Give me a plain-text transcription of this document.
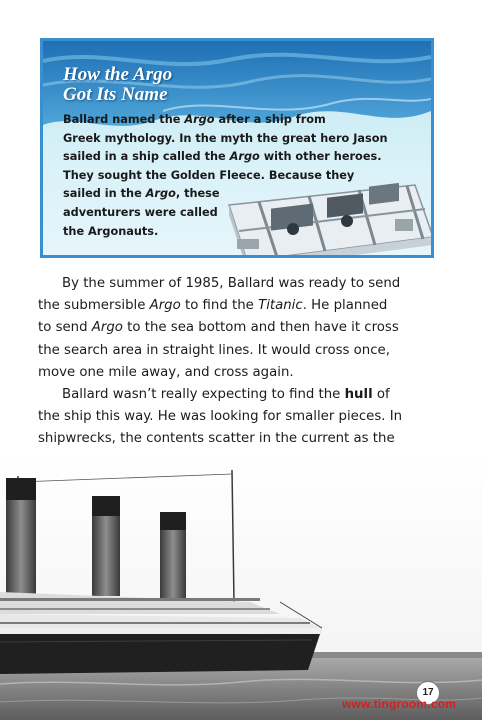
How the Argo
Got Its Name
Ballard named the Argo after a ship from
Greek mythology. In the myth the great hero Jason
sailed in a ship called the Argo with other heroes.
They sought the Golden Fleece. Because they
sailed in the Argo, these
adventurers were called
the Argonauts.
By the summer of 1985, Ballard was ready to send
the submersible Argo to find the Titanic. He planned
to send Argo to the sea bottom and then have it cross
the search area in straight lines. It would cross once,
move one mile away, and cross again.
Ballard wasn’t really expecting to find the hull of
the ship this way. He was looking for smaller pieces. In
shipwrecks, the contents scatter in the current as the
17
www.tingroom.com
